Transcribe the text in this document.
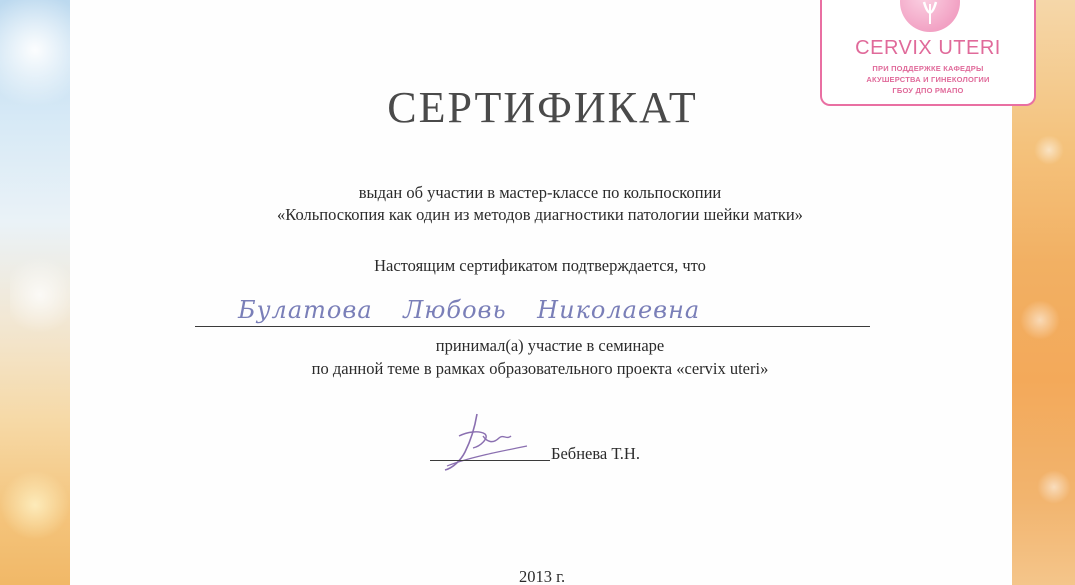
CERVIX UTERI
ПРИ ПОДДЕРЖКЕ КАФЕДРЫ
АКУШЕРСТВА И ГИНЕКОЛОГИИ
ГБОУ ДПО РМАПО
СЕРТИФИКАТ
выдан об участии в мастер-классе по кольпоскопии
«Кольпоскопия как один из методов диагностики патологии шейки матки»
Настоящим сертификатом подтверждается, что
Булатова Любовь Николаевна
принимал(а) участие в семинаре
по данной теме в рамках образовательного проекта «cervix uteri»
Бебнева Т.Н.
2013 г.
